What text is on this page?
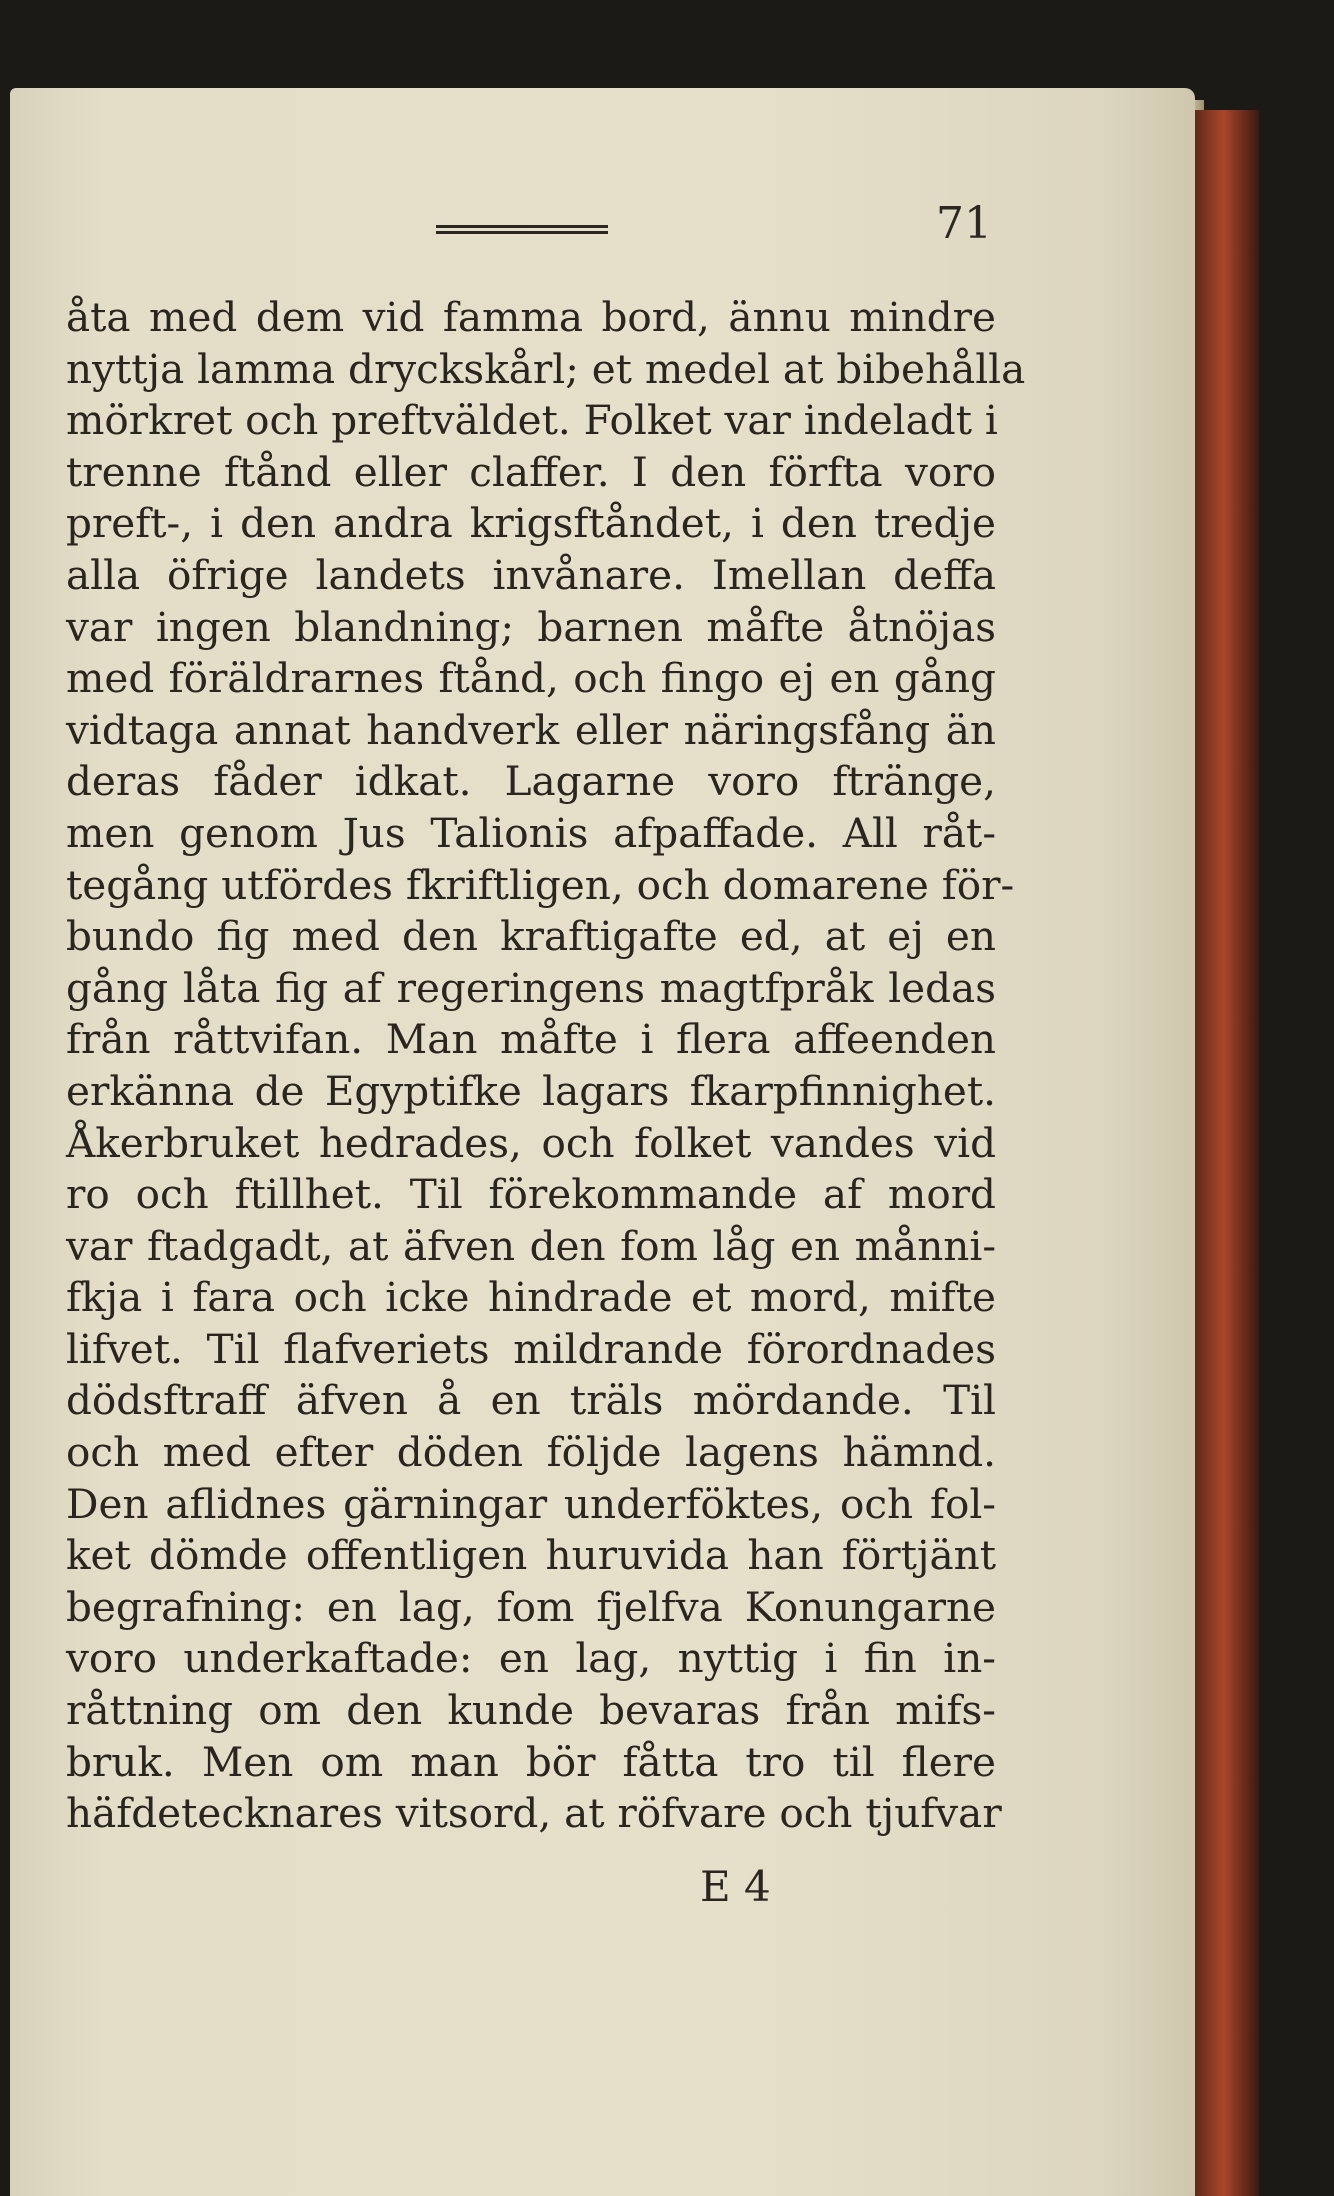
71
åta med dem vid famma bord, ännu mindre
nyttja lamma dryckskårl; et medel at bibehålla
mörkret och preftväldet. Folket var indeladt i
trenne ftånd eller claffer. I den förfta voro
preft-, i den andra krigsftåndet, i den tredje
alla öfrige landets invånare. Imellan deffa
var ingen blandning; barnen måfte åtnöjas
med föräldrarnes ftånd, och fingo ej en gång
vidtaga annat handverk eller näringsfång än
deras fåder idkat. Lagarne voro ftränge,
men genom Jus Talionis afpaffade. All råt-
tegång utfördes fkriftligen, och domarene för-
bundo fig med den kraftigafte ed, at ej en
gång låta fig af regeringens magtfpråk ledas
från råttvifan. Man måfte i flera affeenden
erkänna de Egyptifke lagars fkarpfinnighet.
Åkerbruket hedrades, och folket vandes vid
ro och ftillhet. Til förekommande af mord
var ftadgadt, at äfven den fom låg en månni-
fkja i fara och icke hindrade et mord, mifte
lifvet. Til flafveriets mildrande förordnades
dödsftraff äfven å en träls mördande. Til
och med efter döden följde lagens hämnd.
Den aflidnes gärningar underföktes, och fol-
ket dömde offentligen huruvida han förtjänt
begrafning: en lag, fom fjelfva Konungarne
voro underkaftade: en lag, nyttig i fin in-
råttning om den kunde bevaras från mifs-
bruk. Men om man bör fåtta tro til flere
häfdetecknares vitsord, at röfvare och tjufvar
E 4
